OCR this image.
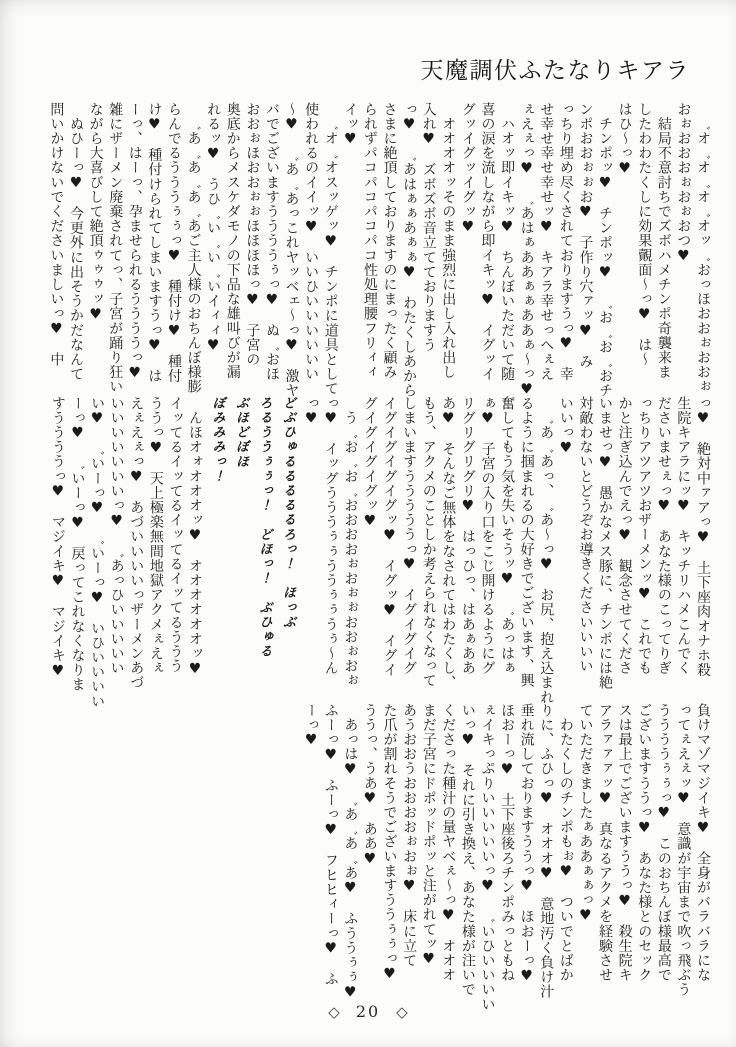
天魔調伏ふたなりキアラ
　゛オ゛オ゛オ゛オッ゛おっほおおぉおおぉ
おぉおおおぉおぉおつ♥
　結局不意討ちでズボハメチンポ奇襲来ま
したわわたくしに効果覿面〜っ♥　は〜
はひ〜っ♥
　チンポッ♥　チンポッ♥　゛お゛お゛おチ
ンポおおぉぉお♥　子作り穴ァッ♥　み
っちり埋め尽くされておりますうっ♥　幸
せ幸せ幸せ幸せッ♥　キアラ幸せっへぇえ
ぇえぇっ♥　゛あはぁああぁぁああぁ〜っ♥
　ハオッ即イキッ♥　ちんぼいただいて随
喜の涙を流しながら即イキッ♥　イグッイ
グッイグッイグッ♥
　オオオオッそのまま強烈に出し入れ出し
入れ♥　ズボズボ音立てておりますう
っ♥　゛あはぁぁあぁぁ♥　わたくしあから
さまに絶頂しておりますのにまったく顧み
られずパコパコパコパコ性処理腰フリィィ
イッ♥
　゛オ゛オスッゲッ♥　チンポに道具として
使われるのイイッ♥　いいひいいいいいい
〜♥　゛あ゛あっこれヤッベェ〜っ♥　激ヤ
バでございますううううぅっ♥　ぬ゛おほ
おおぉほおおぉぉほほほほっ♥　子宮の
奥底からメスケダモノの下品な雄叫びが漏
れるッ♥　うひ゛い゛い゛いイィィ♥
　゛あ゛あ゛あ゛あご主人様のおちんぼ様膨
らんでるうううぅぅっ♥　種付け♥　種付
け♥　種付けられてしまいますうっ♥　は
ーっ、はーっ、孕ませられるううううっ♥
雑にザーメン廃棄されてっ、子宮が踊り狂い
ながら大喜びして絶頂ゥゥゥッ♥
　ぬひーっ♥　今更外に出そうかだなんて
問いかけないでくださいましいっ♥　中
っ♥　絶対中ァアっ♥　土下座肉オナホ殺
生院キアラにッ♥　キッチリハメこんでく
ださいませぇっ♥　あなた様のこってりぎ
っちりアツアツおザーメンッ♥　これでも
かと注ぎ込んでえっ♥　観念させてくださ
いませっ♥　愚かなメス豚に、チンポには絶
対敵わないとどうぞお導きくださいいいい
いいっ♥
　゛あ゛あっ、゛あ〜っ♥　お尻、抱え込まれ
るように掴まれるの大好きでございます、興
奮してもう気を失いそうッ♥　゛あっはぁ
ぁ♥　子宮の入り口をこじ開けるようにグ
リグリグリグリ♥　はっひっ、はあぁああ
あ♥　そんなご無体をなされてはわたくし、
もう、アクメのことしか考えられなくなって
しまいますうううううっ♥　イグイグイグ
イグイグイグイグッ♥　イグッ♥　イグイ
グイグイグイグッ♥
　う゛お゛お゛おおおおぉおぉぉおおぉおぉ
っ♥　イッグうううぅぅううぅぅうぅ〜ん
っ♥
どぶひゅるるるるるろっ！　ほっぶ
ろるううぅぅっ！　どほっ！　ぶひゅる
ぶほどぼほ
ぼみみみっ！
　んほオォオオオッ♥　オオオオオオッ♥
イッてるイッてるイッてるイッてるううう
ううっ♥　天上極楽無間地獄アクメぇえぇ
えぇえぇっ♥　あづいいいいっザーメンあづ
いいいいいいいっ♥　゛あっひいいいいい
い♥　゛いーっ♥　゛いーっ♥　いひいいいい
ーっ♥　゛いーっ♥　戻ってこれなくなりま
すううううっ♥　マジイキ♥　マジイキ♥
負けマゾマジイキ♥　全身がバラバラにな
ってぇえぇッ♥　意識が宇宙まで吹っ飛ぶう
ううううぅぅっ♥　このおちんぼ様最高で
ございますううっ♥　あなた様とのセック
スは最上でございますううっ♥　殺生院キ
アラァァァッ♥　真なるアクメを経験させ
ていただきましたぁああぁぁっ♥
　わたくしのチンポもぉ♥　ついでとばか
りに、ふひっ♥　オオオ♥　意地汚く負け汁
垂れ流しておりますううっ♥　ほおーっ♥
ほおーっ♥　土下座後ろチンポみっともね
ぇイキっぷりいいいいいっ♥　゛いひいいいい
いっ♥　それに引き換え、あなた様が注いで
くださった種汁の量ヤベぇ〜っ♥　オオオ
まだ子宮にドポッドポッと注がれてッ♥
あうおおうおおおおぉおぉ♥　床に立て
た爪が割れそうでございますううぅぅっ♥
ううっ、うあ♥　ああ♥
　あっは♥　゛あ゛あ゛あ♥　ふううぅぅ♥
ふーっ♥　ふーっ♥　フヒヒィーっ♥　ふ
ーっ♥
◇ 20 ◇
